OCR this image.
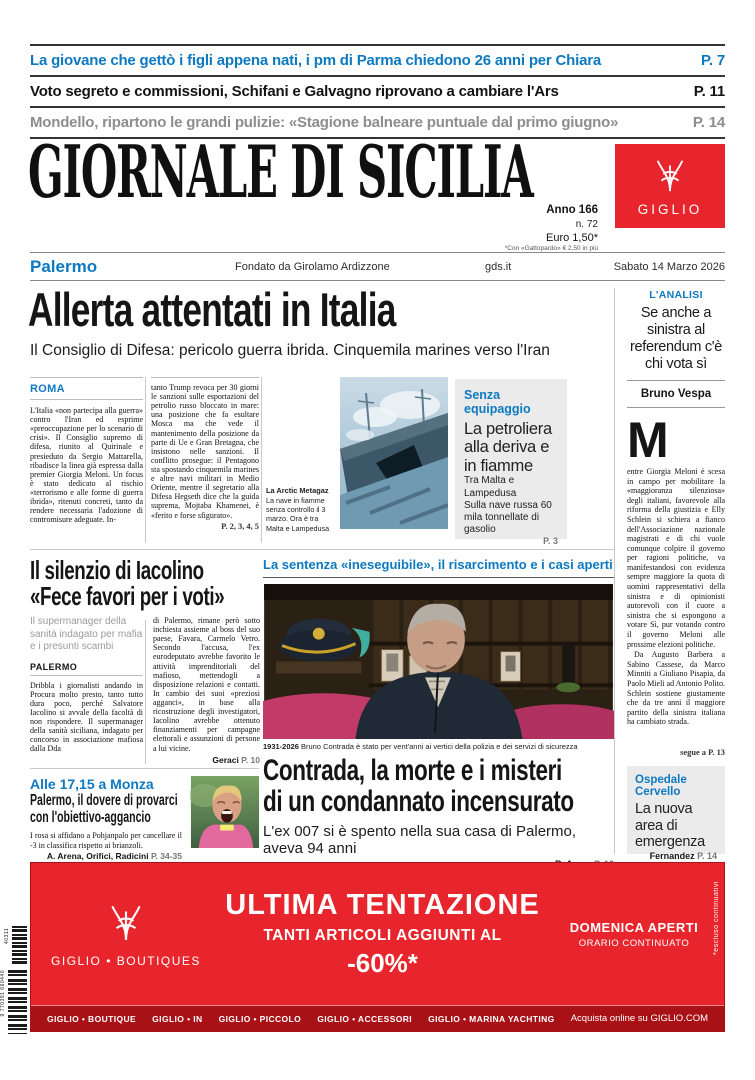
La giovane che gettò i figli appena nati, i pm di Parma chiedono 26 anni per Chiara	P. 7
Voto segreto e commissioni, Schifani e Galvagno riprovano a cambiare l'Ars	P. 11
Mondello, ripartono le grandi pulizie: «Stagione balneare puntuale dal primo giugno»	P. 14
GIORNALE DI SICILIA	GIGLIO
Anno 166
n. 72
Euro 1,50*
*Con «Gattopardo» € 2,50 in più
Palermo	Fondato da Girolamo Ardizzone	gds.it	Sabato 14 Marzo 2026
Allerta attentati in Italia
Il Consiglio di Difesa: pericolo guerra ibrida. Cinquemila marines verso l'Iran
ROMA
L'Italia «non partecipa alla guerra» contro l'Iran ed esprime «preoccupazione per lo scenario di crisi». Il Consiglio supremo di difesa, riunito al Quirinale e presieduto da Sergio Mattarella, ribadisce la linea già espressa dalla premier Giorgia Meloni. Un focus è stato dedicato al rischio «terrorismo e alle forme di guerra ibrida», ritenuti concreti, tanto da rendere necessaria l'adozione di contromisure adeguate. In-
tanto Trump revoca per 30 giorni le sanzioni sulle esportazioni del petrolio russo bloccato in mare: una posizione che fa esultare Mosca ma che vede il mantenimento della posizione da parte di Ue e Gran Bretagna, che insistono nelle sanzioni. Il conflitto prosegue: il Pentagono sta spostando cinquemila marines e altre navi militari in Medio Oriente, mentre il segretario alla Difesa Hegseth dice che la guida suprema, Mojtaba Khamenei, è «ferito e forse sfigurato».
P. 2, 3, 4, 5
La Arctic Metagaz
La nave in fiamme senza controllo il 3 marzo. Ora è tra Malta e Lampedusa
Senza equipaggio
La petroliera alla deriva e in fiamme
Tra Malta e Lampedusa
Sulla nave russa 60 mila tonnellate di gasolio
P. 3
L'ANALISI
Se anche a sinistra al referendum c'è chi vota sì
Bruno Vespa
M
entre Giorgia Meloni è scesa in campo per mobilitare la «maggioranza silenziosa» degli italiani, favorevole alla riforma della giustizia e Elly Schlein si schiera a fianco dell'Associazione nazionale magistrati e di chi vuole comunque colpire il governo per ragioni politiche, va manifestandosi con evidenza sempre maggiore la quota di uomini rappresentativi della sinistra e di opinionisti autorevoli con il cuore a sinistra che si espongono a votare Sì, pur votando contro il governo Meloni alle prossime elezioni politiche.
Da Augusto Barbera a Sabino Cassese, da Marco Minniti a Giuliano Pisapia, da Paolo Mieli ad Antonio Polito. Schlein sostiene giustamente che da tre anni il maggiore partito della sinistra italiana ha cambiato strada.
segue a P. 13
Il silenzio di Iacolino
«Fece favori per i voti»
Il supermanager della sanità indagato per mafia e i presunti scambi
PALERMO
Dribbla i giornalisti andando in Procura molto presto, tanto tutto dura poco, perché Salvatore Iacolino si avvale della facoltà di non rispondere. Il supermanager della sanità siciliana, indagato per concorso in associazione mafiosa dalla Dda
di Palermo, rimane però sotto inchiesta assieme al boss del suo paese, Favara, Carmelo Vetro. Secondo l'accusa, l'ex eurodeputato avrebbe favorito le attività imprenditoriali del mafioso, mettendogli a disposizione relazioni e contatti. In cambio dei suoi «preziosi agganci», in base alla ricostruzione degli investigatori, Iacolino avrebbe ottenuto finanziamenti per campagne elettorali e assunzioni di persone a lui vicine.
Geraci P. 10
La sentenza «ineseguibile», il risarcimento e i casi aperti
1931-2026 Bruno Contrada è stato per vent'anni ai vertici della polizia e dei servizi di sicurezza
Contrada, la morte e i misteri
di un condannato incensurato
L'ex 007 si è spento nella sua casa di Palermo, aveva 94 anni
Alle 17,15 a Monza
Palermo, il dovere di provarci
con l'obiettivo-aggancio
I rosa si affidano a Pohjanpalo per cancellare il -3 in classifica rispetto ai brianzoli.
A. Arena, Orifici, Radicini P. 34-35
Ospedale Cervello
La nuova area di emergenza
Fernandez P. 14
GIGLIO • BOUTIQUES
ULTIMA TENTAZIONE
TANTI ARTICOLI AGGIUNTI AL
-60%*
DOMENICA APERTI
ORARIO CONTINUATO	*escluso continuativi
GIGLIO • BOUTIQUE GIGLIO • IN GIGLIO • PICCOLO GIGLIO • ACCESSORI GIGLIO • MARINA YACHTING Acquista online su GIGLIO.COM
40311
9 770391 660440
